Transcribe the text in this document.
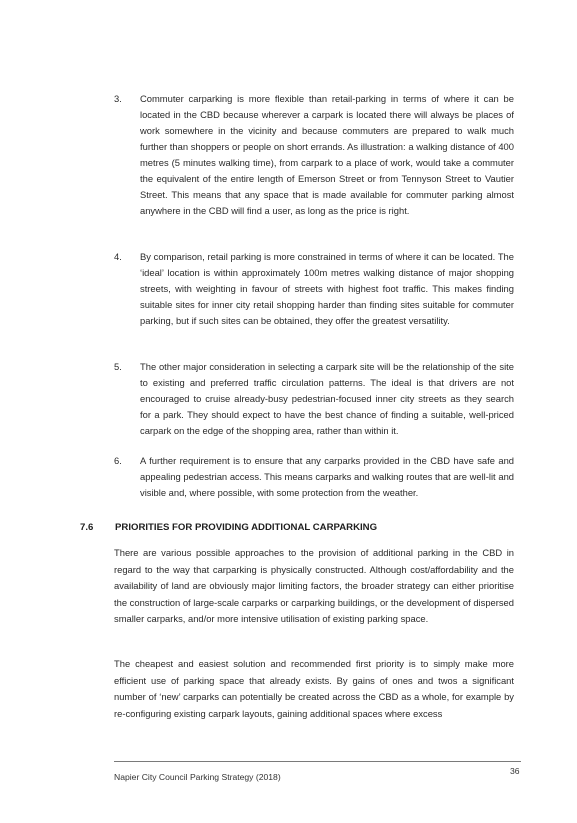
3.	Commuter carparking is more flexible than retail-parking in terms of where it can be located in the CBD because wherever a carpark is located there will always be places of work somewhere in the vicinity and because commuters are prepared to walk much further than shoppers or people on short errands. As illustration: a walking distance of 400 metres (5 minutes walking time), from carpark to a place of work, would take a commuter the equivalent of the entire length of Emerson Street or from Tennyson Street to Vautier Street. This means that any space that is made available for commuter parking almost anywhere in the CBD will find a user, as long as the price is right.
4.	By comparison, retail parking is more constrained in terms of where it can be located. The ‘ideal’ location is within approximately 100m metres walking distance of major shopping streets, with weighting in favour of streets with highest foot traffic. This makes finding suitable sites for inner city retail shopping harder than finding sites suitable for commuter parking, but if such sites can be obtained, they offer the greatest versatility.
5.	The other major consideration in selecting a carpark site will be the relationship of the site to existing and preferred traffic circulation patterns. The ideal is that drivers are not encouraged to cruise already-busy pedestrian-focused inner city streets as they search for a park. They should expect to have the best chance of finding a suitable, well-priced carpark on the edge of the shopping area, rather than within it.
6.	A further requirement is to ensure that any carparks provided in the CBD have safe and appealing pedestrian access. This means carparks and walking routes that are well-lit and visible and, where possible, with some protection from the weather.
7.6 PRIORITIES FOR PROVIDING ADDITIONAL CARPARKING
There are various possible approaches to the provision of additional parking in the CBD in regard to the way that carparking is physically constructed. Although cost/affordability and the availability of land are obviously major limiting factors, the broader strategy can either prioritise the construction of large-scale carparks or carparking buildings, or the development of dispersed smaller carparks, and/or more intensive utilisation of existing parking space.
The cheapest and easiest solution and recommended first priority is to simply make more efficient use of parking space that already exists. By gains of ones and twos a significant number of ‘new’ carparks can potentially be created across the CBD as a whole, for example by re-configuring existing carpark layouts, gaining additional spaces where excess
Napier City Council Parking Strategy (2018)
36
